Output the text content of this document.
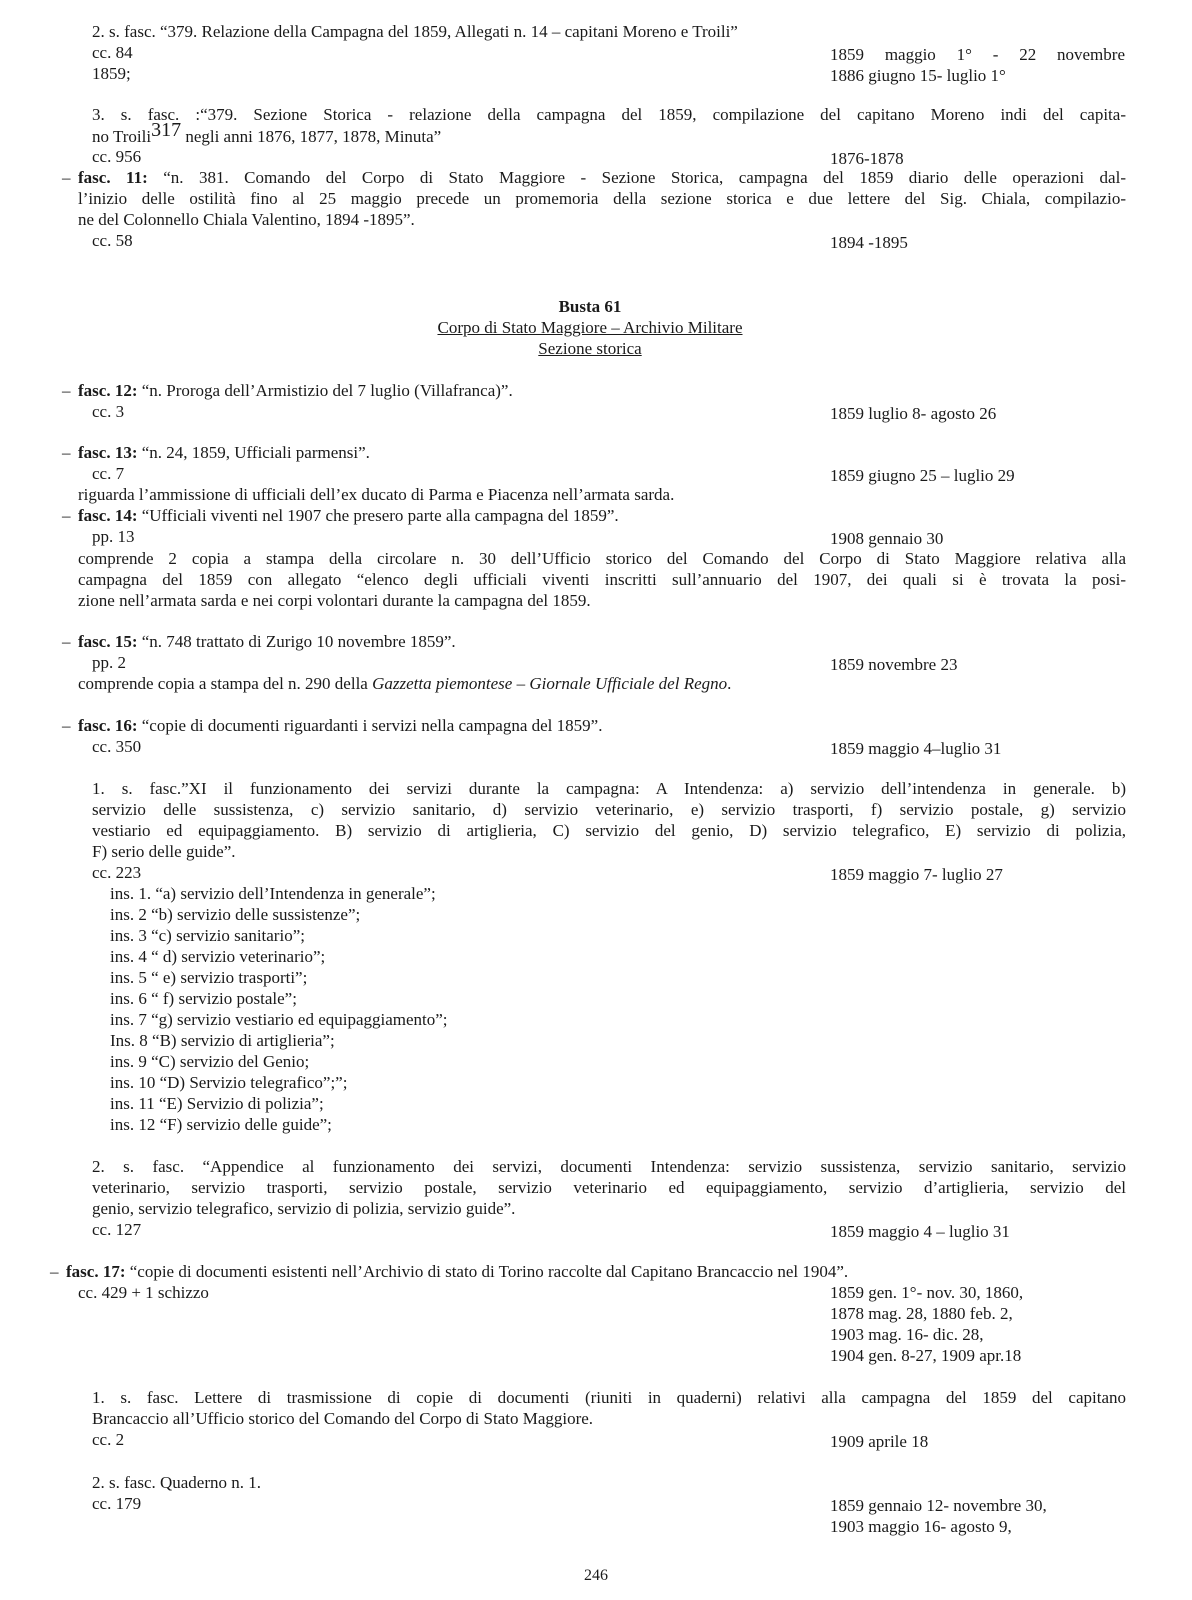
2. s. fasc. “379. Relazione della Campagna del 1859, Allegati n. 14 – capitani Moreno e Troili”
cc. 84	1859 maggio 1° - 22 novembre
1859;	1886 giugno 15- luglio 1°
3. s. fasc. :“379. Sezione Storica - relazione della campagna del 1859, compilazione del capitano Moreno indi del capita-
no Troili317 negli anni 1876, 1877, 1878, Minuta”
cc. 956	1876-1878
– fasc. 11: “n. 381. Comando del Corpo di Stato Maggiore - Sezione Storica, campagna del 1859 diario delle operazioni dal-
l’inizio delle ostilità fino al 25 maggio precede un promemoria della sezione storica e due lettere del Sig. Chiala, compilazio-
ne del Colonnello Chiala Valentino, 1894 -1895”.
cc. 58	1894 -1895
Busta 61
Corpo di Stato Maggiore – Archivio Militare
Sezione storica
– fasc. 12: “n. Proroga dell’Armistizio del 7 luglio (Villafranca)”.
cc. 3	1859 luglio 8- agosto 26
– fasc. 13: “n. 24, 1859, Ufficiali parmensi”.
cc. 7	1859 giugno 25 – luglio 29
riguarda l’ammissione di ufficiali dell’ex ducato di Parma e Piacenza nell’armata sarda.
– fasc. 14: “Ufficiali viventi nel 1907 che presero parte alla campagna del 1859”.
pp. 13	1908 gennaio 30
comprende 2 copia a stampa della circolare n. 30 dell’Ufficio storico del Comando del Corpo di Stato Maggiore relativa alla
campagna del 1859 con allegato “elenco degli ufficiali viventi inscritti sull’annuario del 1907, dei quali si è trovata la posi-
zione nell’armata sarda e nei corpi volontari durante la campagna del 1859.
– fasc. 15: “n. 748 trattato di Zurigo 10 novembre 1859”.
pp. 2	1859 novembre 23
comprende copia a stampa del n. 290 della Gazzetta piemontese – Giornale Ufficiale del Regno.
– fasc. 16: “copie di documenti riguardanti i servizi nella campagna del 1859”.
cc. 350	1859 maggio 4–luglio 31
1. s. fasc.”XI il funzionamento dei servizi durante la campagna: A Intendenza: a) servizio dell’intendenza in generale. b)
servizio delle sussistenza, c) servizio sanitario, d) servizio veterinario, e) servizio trasporti, f) servizio postale, g) servizio
vestiario ed equipaggiamento. B) servizio di artiglieria, C) servizio del genio, D) servizio telegrafico, E) servizio di polizia,
F) serio delle guide”.
cc. 223	1859 maggio 7- luglio 27
ins. 1. “a) servizio dell’Intendenza in generale”;
ins. 2 “b) servizio delle sussistenze”;
ins. 3 “c) servizio sanitario”;
ins. 4 “ d) servizio veterinario”;
ins. 5 “ e) servizio trasporti”;
ins. 6 “ f) servizio postale”;
ins. 7 “g) servizio vestiario ed equipaggiamento”;
Ins. 8 “B) servizio di artiglieria”;
ins. 9 “C) servizio del Genio;
ins. 10 “D) Servizio telegrafico”;”;
ins. 11 “E) Servizio di polizia”;
ins. 12 “F) servizio delle guide”;
2. s. fasc. “Appendice al funzionamento dei servizi, documenti Intendenza: servizio sussistenza, servizio sanitario, servizio
veterinario, servizio trasporti, servizio postale, servizio veterinario ed equipaggiamento, servizio d’artiglieria, servizio del
genio, servizio telegrafico, servizio di polizia, servizio guide”.
cc. 127	1859 maggio 4 – luglio 31
– fasc. 17: “copie di documenti esistenti nell’Archivio di stato di Torino raccolte dal Capitano Brancaccio nel 1904”.
cc. 429 + 1 schizzo	1859 gen. 1°- nov. 30, 1860,
1878 mag. 28, 1880 feb. 2,
1903 mag. 16- dic. 28,
1904 gen. 8-27, 1909 apr.18
1. s. fasc. Lettere di trasmissione di copie di documenti (riuniti in quaderni) relativi alla campagna del 1859 del capitano
Brancaccio all’Ufficio storico del Comando del Corpo di Stato Maggiore.
cc. 2	1909 aprile 18
2. s. fasc. Quaderno n. 1.
cc. 179	1859 gennaio 12- novembre 30,
1903 maggio 16- agosto 9,
246
